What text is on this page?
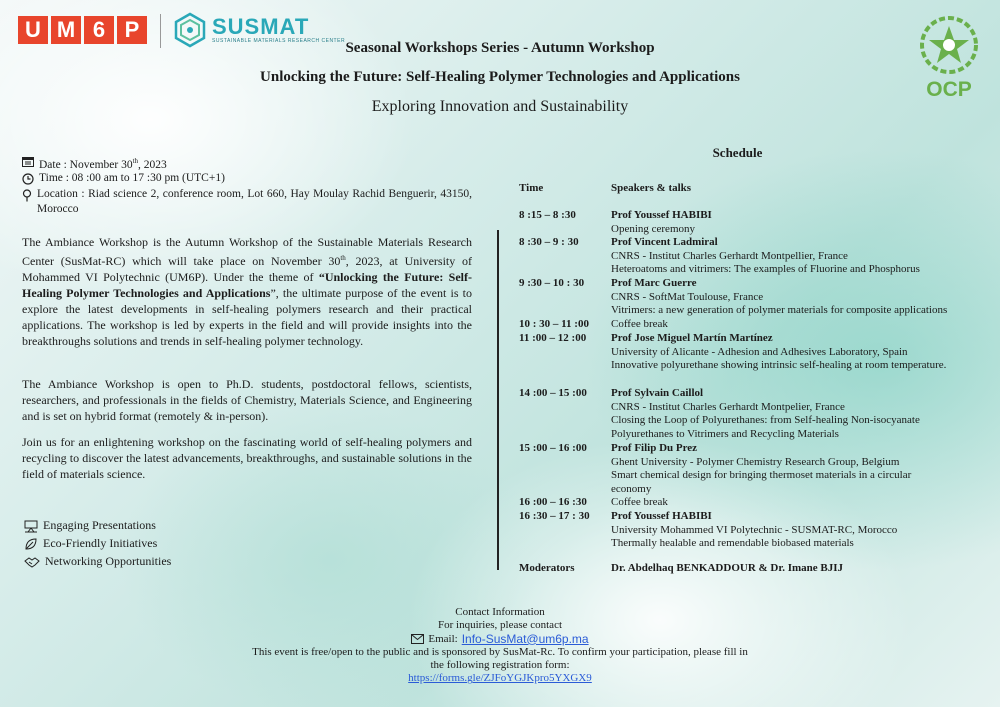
U M 6 P	SUSMAT
SUSTAINABLE MATERIALS RESEARCH CENTER
OCP
Seasonal Workshops Series - Autumn Workshop
Unlocking the Future: Self-Healing Polymer Technologies and Applications
Exploring Innovation and Sustainability
Date : November 30th, 2023
Time : 08 :00 am to 17 :30 pm (UTC+1)
Location : Riad science 2, conference room, Lot 660, Hay Moulay Rachid Benguerir, 43150, Morocco

The Ambiance Workshop is the Autumn Workshop of the Sustainable Materials Research Center (SusMat-RC) which will take place on November 30th, 2023, at University of Mohammed VI Polytechnic (UM6P). Under the theme of “Unlocking the Future: Self-Healing Polymer Technologies and Applications”, the ultimate purpose of the event is to explore the latest developments in self-healing polymers research and their practical applications. The workshop is led by experts in the field and will provide insights into the breakthroughs solutions and trends in self-healing polymer technology.

The Ambiance Workshop is open to Ph.D. students, postdoctoral fellows, scientists, researchers, and professionals in the fields of Chemistry, Materials Science, and Engineering and is set on hybrid format (remotely & in-person).

Join us for an enlightening workshop on the fascinating world of self-healing polymers and recycling to discover the latest advancements, breakthroughs, and sustainable solutions in the field of materials science.

Engaging Presentations
Eco-Friendly Initiatives
Networking Opportunities
Schedule
Time	Speakers & talks
8 :15 – 8 :30	Prof Youssef HABIBI
Opening ceremony
8 :30 – 9 : 30	Prof Vincent Ladmiral
CNRS - Institut Charles Gerhardt Montpellier, France
Heteroatoms and vitrimers: The examples of Fluorine and Phosphorus
9 :30 – 10 : 30 Prof Marc Guerre
CNRS - SoftMat Toulouse, France
Vitrimers: a new generation of polymer materials for composite applications
10 : 30 – 11 :00 Coffee break
11 :00 – 12 :00 Prof Jose Miguel Martín Martínez
University of Alicante - Adhesion and Adhesives Laboratory, Spain
Innovative polyurethane showing intrinsic self-healing at room temperature.
14 :00 – 15 :00 Prof Sylvain Caillol
CNRS - Institut Charles Gerhardt Montpelier, France
Closing the Loop of Polyurethanes: from Self-healing Non-isocyanate
Polyurethanes to Vitrimers and Recycling Materials
15 :00 – 16 :00 Prof Filip Du Prez
Ghent University - Polymer Chemistry Research Group, Belgium
Smart chemical design for bringing thermoset materials in a circular
economy
16 :00 – 16 :30 Coffee break
16 :30 – 17 : 30 Prof Youssef HABIBI
University Mohammed VI Polytechnic - SUSMAT-RC, Morocco
Thermally healable and remendable biobased materials
Moderators	Dr. Abdelhaq BENKADDOUR & Dr. Imane BJIJ
Contact Information
For inquiries, please contact
Email: Info-SusMat@um6p.ma
This event is free/open to the public and is sponsored by SusMat-Rc. To confirm your participation, please fill in
the following registration form:
https://forms.gle/ZJFoYGJKpro5YXGX9
